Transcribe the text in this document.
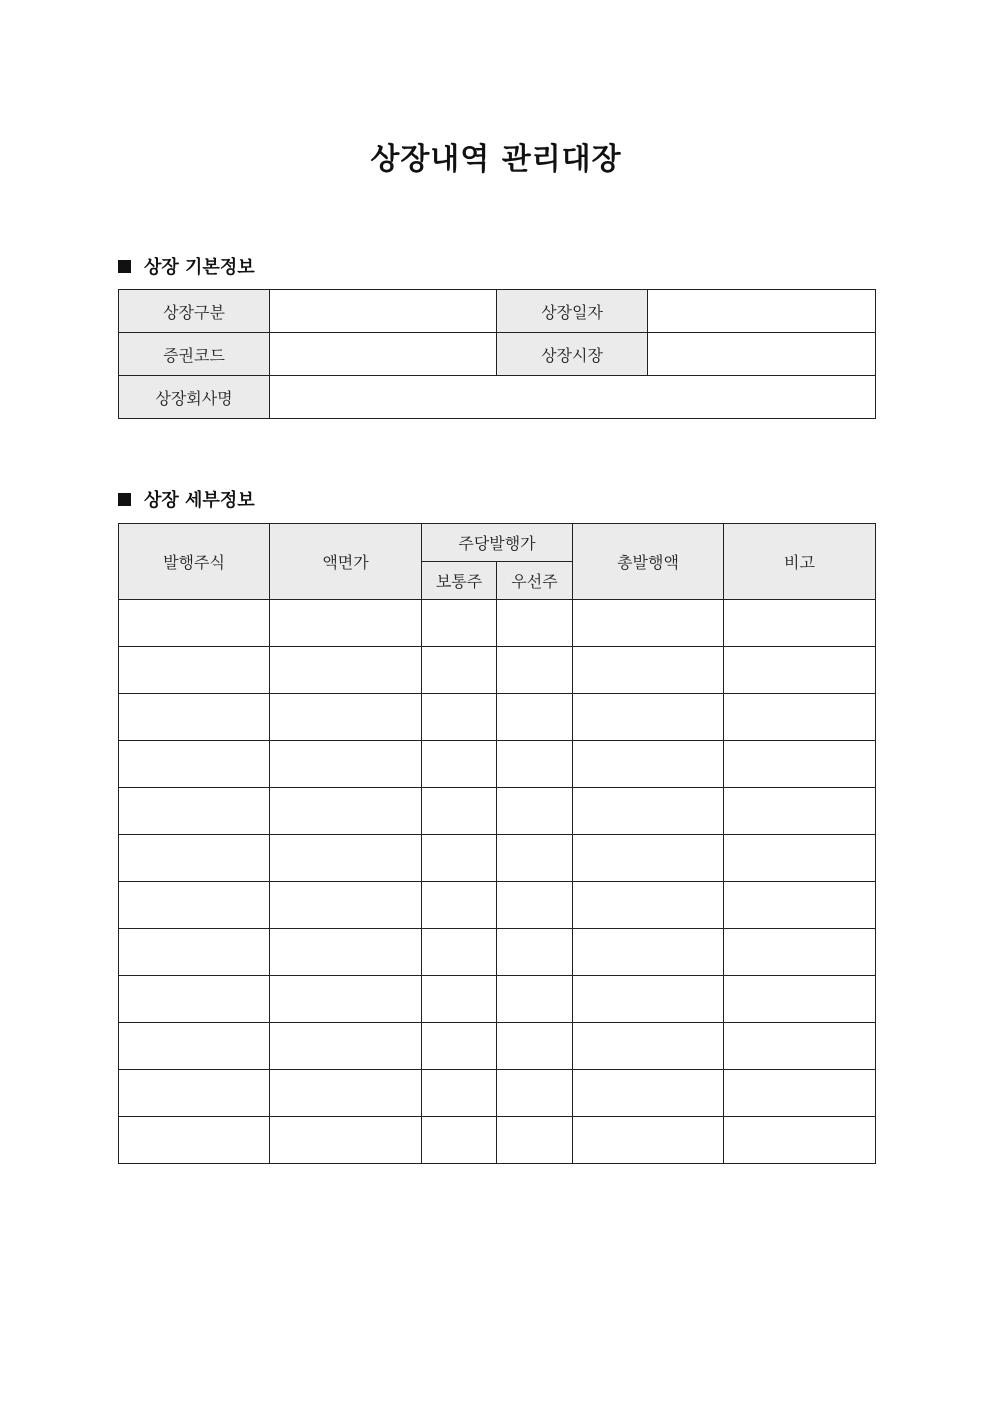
상장내역 관리대장
상장 기본정보
상장구분		상장일자	
증권코드		상장시장	
상장회사명			
상장 세부정보
발행주식	액면가	주당발행가		총발행액	비고
		보통주	우선주		
